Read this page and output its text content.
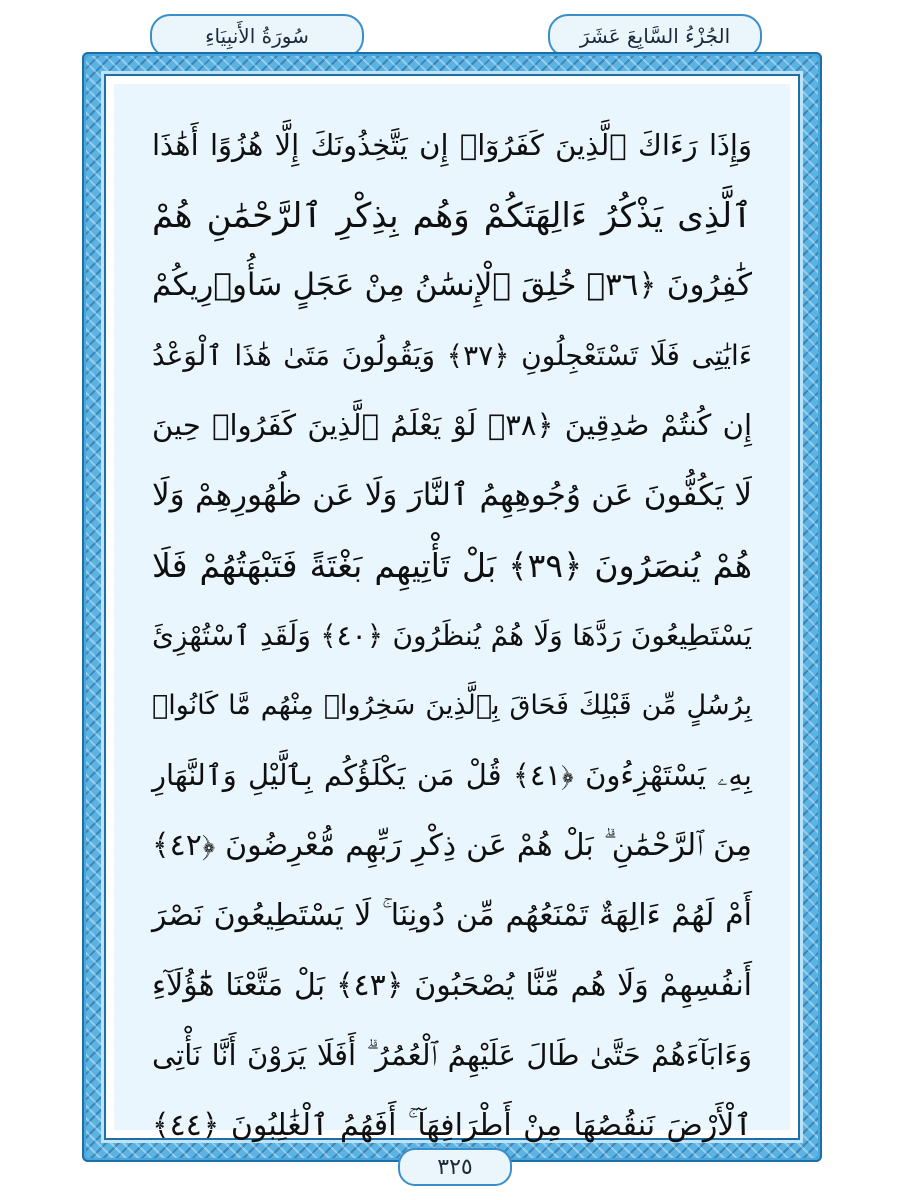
سُورَةُ الأَنبِيَاءِ	الجُزْءُ السَّابِعَ عَشَرَ
وَإِذَا رَءَاكَ ٱلَّذِينَ كَفَرُوٓا۟ إِن يَتَّخِذُونَكَ إِلَّا هُزُوًا أَهَٰذَا
ٱلَّذِى يَذْكُرُ ءَالِهَتَكُمْ وَهُم بِذِكْرِ ٱلرَّحْمَٰنِ هُمْ
كَٰفِرُونَ ﴿٣٦﴾ خُلِقَ ٱلْإِنسَٰنُ مِنْ عَجَلٍ سَأُو۟رِيكُمْ
ءَايَٰتِى فَلَا تَسْتَعْجِلُونِ ﴿٣٧﴾ وَيَقُولُونَ مَتَىٰ هَٰذَا ٱلْوَعْدُ
إِن كُنتُمْ صَٰدِقِينَ ﴿٣٨﴾ لَوْ يَعْلَمُ ٱلَّذِينَ كَفَرُوا۟ حِينَ
لَا يَكُفُّونَ عَن وُجُوهِهِمُ ٱلنَّارَ وَلَا عَن ظُهُورِهِمْ وَلَا
هُمْ يُنصَرُونَ ﴿٣٩﴾ بَلْ تَأْتِيهِم بَغْتَةً فَتَبْهَتُهُمْ فَلَا
يَسْتَطِيعُونَ رَدَّهَا وَلَا هُمْ يُنظَرُونَ ﴿٤٠﴾ وَلَقَدِ ٱسْتُهْزِئَ
بِرُسُلٍ مِّن قَبْلِكَ فَحَاقَ بِٱلَّذِينَ سَخِرُوا۟ مِنْهُم مَّا كَانُوا۟
بِهِۦ يَسْتَهْزِءُونَ ﴿٤١﴾ قُلْ مَن يَكْلَؤُكُم بِٱلَّيْلِ وَٱلنَّهَارِ
مِنَ ٱلرَّحْمَٰنِ ۗ بَلْ هُمْ عَن ذِكْرِ رَبِّهِم مُّعْرِضُونَ ﴿٤٢﴾
أَمْ لَهُمْ ءَالِهَةٌ تَمْنَعُهُم مِّن دُونِنَا ۚ لَا يَسْتَطِيعُونَ نَصْرَ
أَنفُسِهِمْ وَلَا هُم مِّنَّا يُصْحَبُونَ ﴿٤٣﴾ بَلْ مَتَّعْنَا هَٰٓؤُلَآءِ
وَءَابَآءَهُمْ حَتَّىٰ طَالَ عَلَيْهِمُ ٱلْعُمُرُ ۗ أَفَلَا يَرَوْنَ أَنَّا نَأْتِى
ٱلْأَرْضَ نَنقُصُهَا مِنْ أَطْرَافِهَآ ۚ أَفَهُمُ ٱلْغَٰلِبُونَ ﴿٤٤﴾
٣٢٥
